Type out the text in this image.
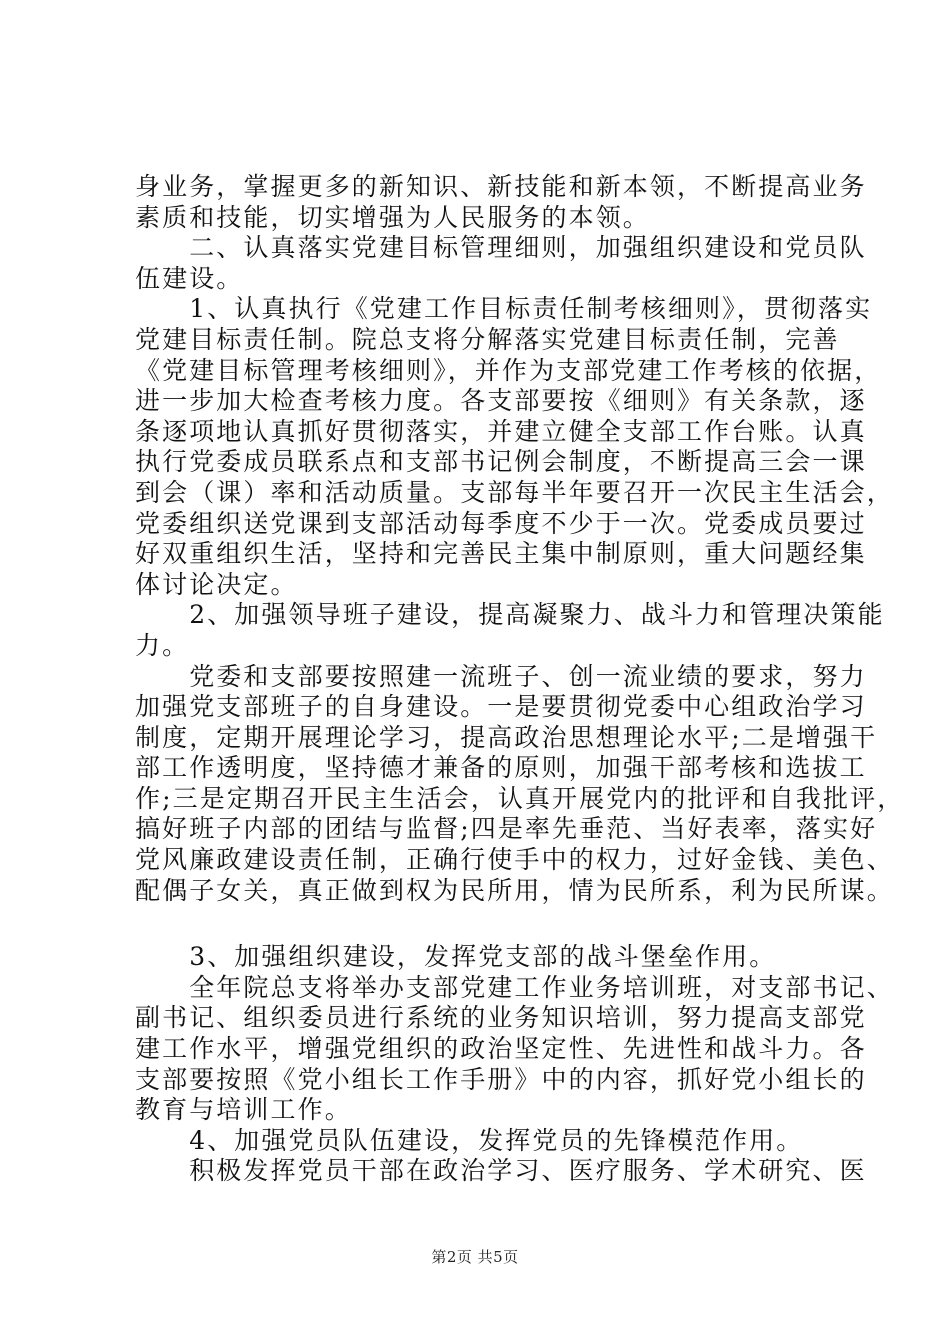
身业务，掌握更多的新知识、新技能和新本领，不断提高业务
素质和技能，切实增强为人民服务的本领。
　　二、认真落实党建目标管理细则，加强组织建设和党员队
伍建设。
　　1、认真执行《党建工作目标责任制考核细则》，贯彻落实
党建目标责任制。院总支将分解落实党建目标责任制，完善
《党建目标管理考核细则》，并作为支部党建工作考核的依据，
进一步加大检查考核力度。各支部要按《细则》有关条款，逐
条逐项地认真抓好贯彻落实，并建立健全支部工作台账。认真
执行党委成员联系点和支部书记例会制度，不断提高三会一课
到会（课）率和活动质量。支部每半年要召开一次民主生活会，
党委组织送党课到支部活动每季度不少于一次。党委成员要过
好双重组织生活，坚持和完善民主集中制原则，重大问题经集
体讨论决定。
　　2、加强领导班子建设，提高凝聚力、战斗力和管理决策能
力。
　　党委和支部要按照建一流班子、创一流业绩的要求，努力
加强党支部班子的自身建设。一是要贯彻党委中心组政治学习
制度，定期开展理论学习，提高政治思想理论水平;二是增强干
部工作透明度，坚持德才兼备的原则，加强干部考核和选拔工
作;三是定期召开民主生活会，认真开展党内的批评和自我批评，
搞好班子内部的团结与监督;四是率先垂范、当好表率，落实好
党风廉政建设责任制，正确行使手中的权力，过好金钱、美色、
配偶子女关，真正做到权为民所用，情为民所系，利为民所谋。
　　3、加强组织建设，发挥党支部的战斗堡垒作用。
　　全年院总支将举办支部党建工作业务培训班，对支部书记、
副书记、组织委员进行系统的业务知识培训，努力提高支部党
建工作水平，增强党组织的政治坚定性、先进性和战斗力。各
支部要按照《党小组长工作手册》中的内容，抓好党小组长的
教育与培训工作。
　　4、加强党员队伍建设，发挥党员的先锋模范作用。
　　积极发挥党员干部在政治学习、医疗服务、学术研究、医
第2页 共5页
